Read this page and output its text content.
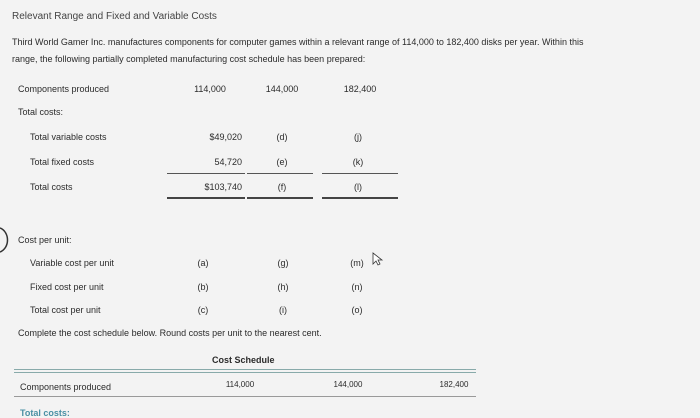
Relevant Range and Fixed and Variable Costs
Third World Gamer Inc. manufactures components for computer games within a relevant range of 114,000 to 182,400 disks per year. Within this
range, the following partially completed manufacturing cost schedule has been prepared:
Components produced	114,000	144,000	182,400
Total costs:
Total variable costs	$49,020	(d)	(j)
Total fixed costs	54,720	(e)	(k)
Total costs	$103,740	(f)	(l)
Cost per unit:
Variable cost per unit	(a)	(g)	(m)
Fixed cost per unit	(b)	(h)	(n)
Total cost per unit	(c)	(i)	(o)
Complete the cost schedule below. Round costs per unit to the nearest cent.
Cost Schedule
Components produced	114,000	144,000	182,400
Total costs:
